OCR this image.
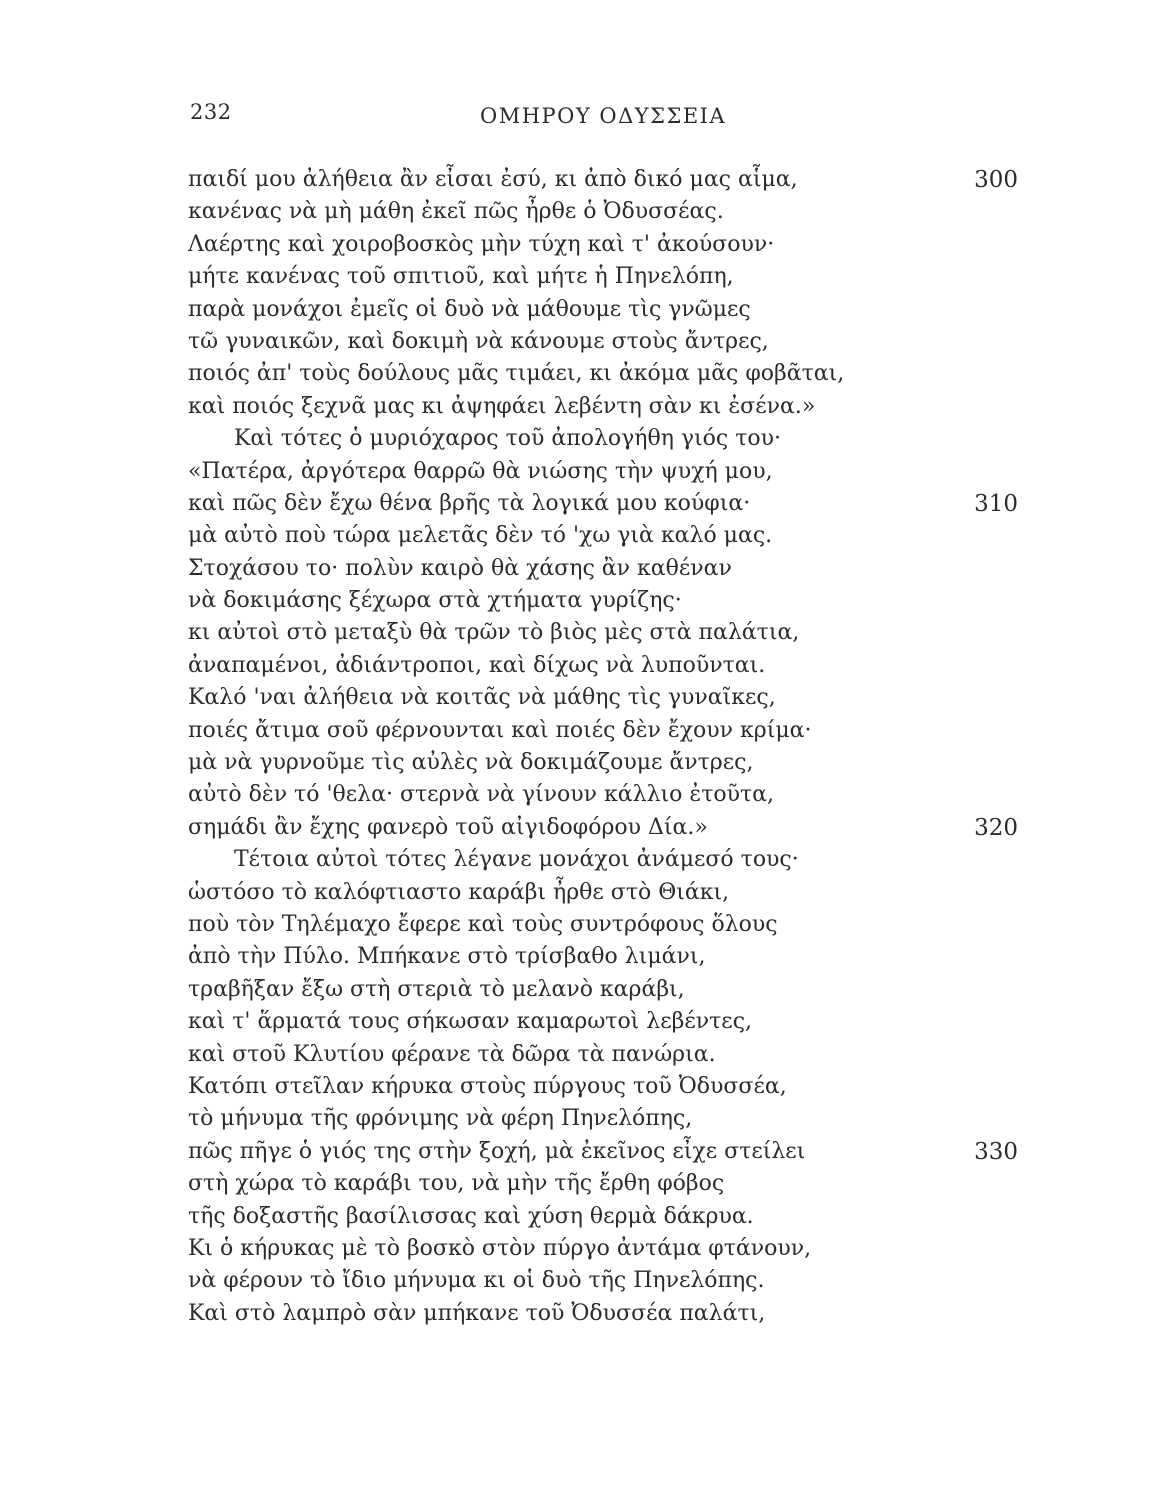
232	ΟΜΗΡΟΥ ΟΔΥΣΣΕΙΑ
παιδί μου ἀλήθεια ἂν εἶσαι ἐσύ, κι ἀπὸ δικό μας αἷμα,	300
κανένας νὰ μὴ μάθη ἐκεῖ πῶς ἦρθε ὁ Ὀδυσσέας.
Λαέρτης καὶ χοιροβοσκὸς μὴν τύχη καὶ τ' ἀκούσουν·
μήτε κανένας τοῦ σπιτιοῦ, καὶ μήτε ἡ Πηνελόπη,
παρὰ μονάχοι ἐμεῖς οἱ δυὸ νὰ μάθουμε τὶς γνῶμες
τῶ γυναικῶν, καὶ δοκιμὴ νὰ κάνουμε στοὺς ἄντρες,
ποιός ἀπ' τοὺς δούλους μᾶς τιμάει, κι ἀκόμα μᾶς φοβᾶται,
καὶ ποιός ξεχνᾶ μας κι ἀψηφάει λεβέντη σὰν κι ἐσένα.»
Καὶ τότες ὁ μυριόχαρος τοῦ ἀπολογήθη γιός του·
«Πατέρα, ἀργότερα θαρρῶ θὰ νιώσης τὴν ψυχή μου,
καὶ πῶς δὲν ἔχω θένα βρῆς τὰ λογικά μου κούφια·	310
μὰ αὐτὸ ποὺ τώρα μελετᾶς δὲν τό 'χω γιὰ καλό μας.
Στοχάσου το· πολὺν καιρὸ θὰ χάσης ἂν καθέναν
νὰ δοκιμάσης ξέχωρα στὰ χτήματα γυρίζης·
κι αὐτοὶ στὸ μεταξὺ θὰ τρῶν τὸ βιὸς μὲς στὰ παλάτια,
ἀναπαμένοι, ἀδιάντροποι, καὶ δίχως νὰ λυποῦνται.
Καλό 'ναι ἀλήθεια νὰ κοιτᾶς νὰ μάθης τὶς γυναῖκες,
ποιές ἄτιμα σοῦ φέρνουνται καὶ ποιές δὲν ἔχουν κρίμα·
μὰ νὰ γυρνοῦμε τὶς αὐλὲς νὰ δοκιμάζουμε ἄντρες,
αὐτὸ δὲν τό 'θελα· στερνὰ νὰ γίνουν κάλλιο ἐτοῦτα,
σημάδι ἂν ἔχης φανερὸ τοῦ αἰγιδοφόρου Δία.»	320
Τέτοια αὐτοὶ τότες λέγανε μονάχοι ἀνάμεσό τους·
ὡστόσο τὸ καλόφτιαστο καράβι ἦρθε στὸ Θιάκι,
ποὺ τὸν Τηλέμαχο ἔφερε καὶ τοὺς συντρόφους ὅλους
ἀπὸ τὴν Πύλο. Μπήκανε στὸ τρίσβαθο λιμάνι,
τραβῆξαν ἔξω στὴ στεριὰ τὸ μελανὸ καράβι,
καὶ τ' ἅρματά τους σήκωσαν καμαρωτοὶ λεβέντες,
καὶ στοῦ Κλυτίου φέρανε τὰ δῶρα τὰ πανώρια.
Κατόπι στεῖλαν κήρυκα στοὺς πύργους τοῦ Ὀδυσσέα,
τὸ μήνυμα τῆς φρόνιμης νὰ φέρη Πηνελόπης,
πῶς πῆγε ὁ γιός της στὴν ξοχή, μὰ ἐκεῖνος εἶχε στείλει	330
στὴ χώρα τὸ καράβι του, νὰ μὴν τῆς ἔρθη φόβος
τῆς δοξαστῆς βασίλισσας καὶ χύση θερμὰ δάκρυα.
Κι ὁ κήρυκας μὲ τὸ βοσκὸ στὸν πύργο ἀντάμα φτάνουν,
νὰ φέρουν τὸ ἴδιο μήνυμα κι οἱ δυὸ τῆς Πηνελόπης.
Καὶ στὸ λαμπρὸ σὰν μπήκανε τοῦ Ὀδυσσέα παλάτι,
